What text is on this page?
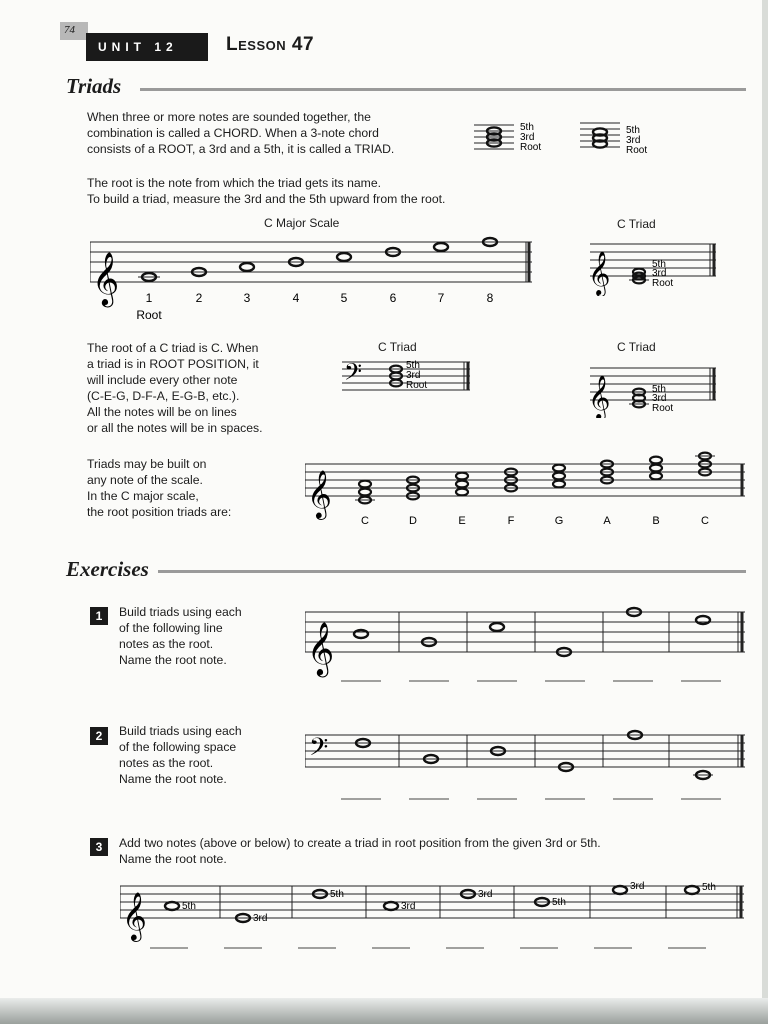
74
UNIT 12	Lesson 47
Triads
When three or more notes are sounded together, the
combination is called a CHORD. When a 3-note chord
consists of a ROOT, a 3rd and a 5th, it is called a TRIAD.
5th
3rd
Root
5th
3rd
Root
The root is the note from which the triad gets its name.
To build a triad, measure the 3rd and the 5th upward from the root.
C Major Scale
𝄞 1	2	3	4	5	6	7	8
Root
C Triad
𝄞	5th
3rd
Root
The root of a C triad is C. When
a triad is in ROOT POSITION, it
will include every other note
(C-E-G, D-F-A, E-G-B, etc.).
All the notes will be on lines
or all the notes will be in spaces.
C Triad
𝄢	5th
3rd
Root
C Triad
𝄞	5th
3rd
Root
Triads may be built on
any note of the scale.
In the C major scale,
the root position triads are: 𝄞
C	D	E	F	G	A	B	C
Exercises
1	Build triads using each
of the following line
notes as the root.
Name the root note.	𝄞
2	Build triads using each
of the following space
notes as the root.
Name the root note.
𝄢
3	Add two notes (above or below) to create a triad in root position from the given 3rd or 5th.
Name the root note.
𝄞	5th
3rd
5th
3rd
3rd
5th
3rd	5th
